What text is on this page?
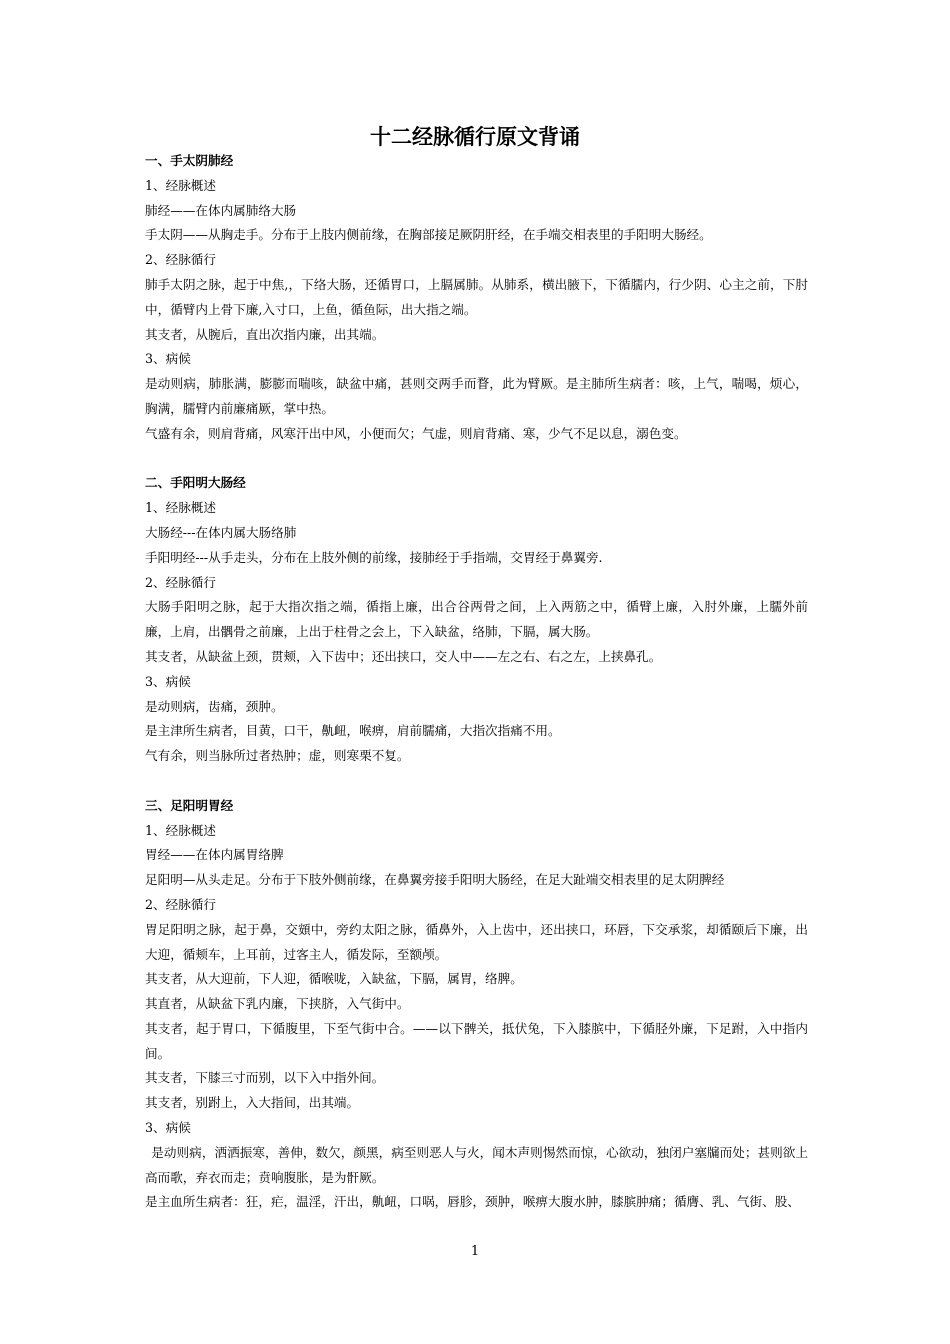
十二经脉循行原文背诵

一、手太阴肺经

1、经脉概述

肺经——在体内属肺络大肠

手太阴——从胸走手。分布于上肢内侧前缘，在胸部接足厥阴肝经，在手端交相表里的手阳明大肠经。

2、经脉循行

肺手太阴之脉，起于中焦,，下络大肠，还循胃口，上膈属肺。从肺系，横出腋下，下循臑内，行少阴、心主之前，下肘中，循臂内上骨下廉,入寸口，上鱼，循鱼际，出大指之端。

其支者，从腕后，直出次指内廉，出其端。

3、病候

是动则病，肺胀满，膨膨而喘咳，缺盆中痛，甚则交两手而瞀，此为臂厥。是主肺所生病者：咳，上气，喘喝，烦心，胸满，臑臂内前廉痛厥，掌中热。

气盛有余，则肩背痛，风寒汗出中风，小便而欠；气虚，则肩背痛、寒，少气不足以息，溺色变。

二、手阳明大肠经

1、经脉概述

大肠经---在体内属大肠络肺

手阳明经---从手走头，分布在上肢外侧的前缘，接肺经于手指端，交胃经于鼻翼旁.

2、经脉循行

大肠手阳明之脉，起于大指次指之端，循指上廉，出合谷两骨之间，上入两筋之中，循臂上廉，入肘外廉，上臑外前廉，上肩，出髃骨之前廉，上出于柱骨之会上，下入缺盆，络肺，下膈，属大肠。

其支者，从缺盆上颈，贯颊，入下齿中；还出挟口，交人中——左之右、右之左，上挟鼻孔。

3、病候

是动则病，齿痛，颈肿。

是主津所生病者，目黄，口干，鼽衄，喉痹，肩前臑痛，大指次指痛不用。

气有余，则当脉所过者热肿；虚，则寒栗不复。

三、足阳明胃经

1、经脉概述

胃经——在体内属胃络脾

足阳明—从头走足。分布于下肢外侧前缘，在鼻翼旁接手阳明大肠经，在足大趾端交相表里的足太阴脾经

2、经脉循行

胃足阳明之脉，起于鼻，交頞中，旁约太阳之脉，循鼻外，入上齿中，还出挟口，环唇，下交承浆，却循颐后下廉，出大迎，循颊车，上耳前，过客主人，循发际，至额颅。

其支者，从大迎前，下人迎，循喉咙，入缺盆，下膈，属胃，络脾。

其直者，从缺盆下乳内廉，下挟脐，入气街中。

其支者，起于胃口，下循腹里，下至气街中合。——以下髀关，抵伏兔，下入膝膑中，下循胫外廉，下足跗，入中指内间。

其支者，下膝三寸而别，以下入中指外间。

其支者，别跗上，入大指间，出其端。

3、病候

是动则病，洒洒振寒，善伸，数欠，颜黑，病至则恶人与火，闻木声则惕然而惊，心欲动，独闭户塞牖而处；甚则欲上高而歌，弃衣而走；贲响腹胀，是为骭厥。

是主血所生病者：狂，疟，温淫，汗出，鼽衄，口㖞，唇胗，颈肿，喉痹大腹水肿，膝膑肿痛；循膺、乳、气街、股、

1
